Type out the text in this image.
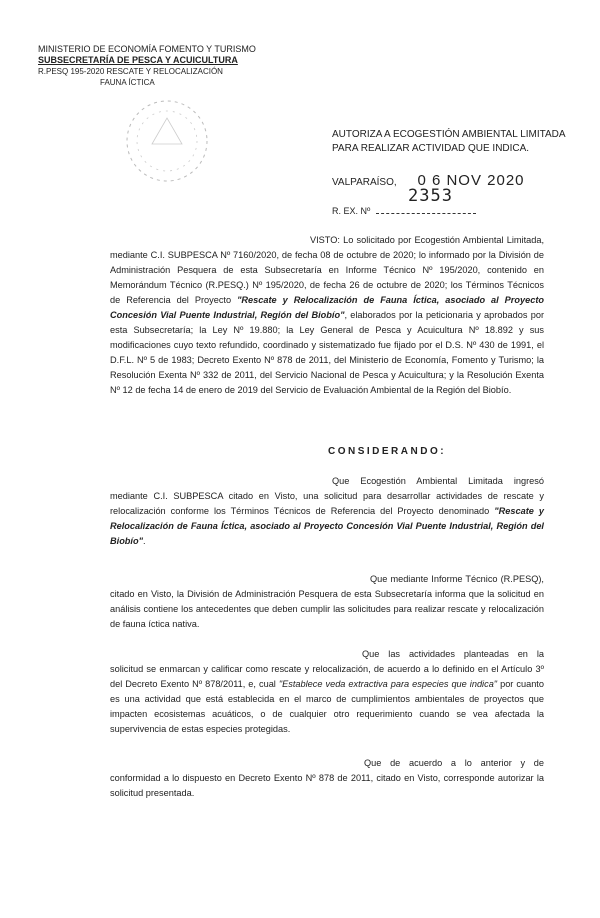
MINISTERIO DE ECONOMÍA FOMENTO Y TURISMO
SUBSECRETARÍA DE PESCA Y ACUICULTURA
R.PESQ 195-2020 RESCATE Y RELOCALIZACIÓN
FAUNA ÍCTICA
AUTORIZA A ECOGESTIÓN AMBIENTAL LIMITADA
PARA REALIZAR ACTIVIDAD QUE INDICA.
VALPARAÍSO, 0 6 NOV 2020
2353
R. EX. Nº
VISTO: Lo solicitado por Ecogestión Ambiental Limitada, mediante C.I. SUBPESCA Nº 7160/2020, de fecha 08 de octubre de 2020; lo informado por la División de Administración Pesquera de esta Subsecretaría en Informe Técnico Nº 195/2020, contenido en Memorándum Técnico (R.PESQ.) Nº 195/2020, de fecha 26 de octubre de 2020; los Términos Técnicos de Referencia del Proyecto "Rescate y Relocalización de Fauna Íctica, asociado al Proyecto Concesión Vial Puente Industrial, Región del Biobío", elaborados por la peticionaria y aprobados por esta Subsecretaría; la Ley Nº 19.880; la Ley General de Pesca y Acuicultura Nº 18.892 y sus modificaciones cuyo texto refundido, coordinado y sistematizado fue fijado por el D.S. Nº 430 de 1991, el D.F.L. Nº 5 de 1983; Decreto Exento Nº 878 de 2011, del Ministerio de Economía, Fomento y Turismo; la Resolución Exenta Nº 332 de 2011, del Servicio Nacional de Pesca y Acuicultura; y la Resolución Exenta Nº 12 de fecha 14 de enero de 2019 del Servicio de Evaluación Ambiental de la Región del Biobío.
CONSIDERANDO:
Que Ecogestión Ambiental Limitada ingresó mediante C.I. SUBPESCA citado en Visto, una solicitud para desarrollar actividades de rescate y relocalización conforme los Términos Técnicos de Referencia del Proyecto denominado "Rescate y Relocalización de Fauna Íctica, asociado al Proyecto Concesión Vial Puente Industrial, Región del Biobío".
Que mediante Informe Técnico (R.PESQ), citado en Visto, la División de Administración Pesquera de esta Subsecretaría informa que la solicitud en análisis contiene los antecedentes que deben cumplir las solicitudes para realizar rescate y relocalización de fauna íctica nativa.
Que las actividades planteadas en la solicitud se enmarcan y calificar como rescate y relocalización, de acuerdo a lo definido en el Artículo 3º del Decreto Exento Nº 878/2011, e, cual "Establece veda extractiva para especies que indica" por cuanto es una actividad que está establecida en el marco de cumplimientos ambientales de proyectos que impacten ecosistemas acuáticos, o de cualquier otro requerimiento cuando se vea afectada la supervivencia de estas especies protegidas.
Que de acuerdo a lo anterior y de conformidad a lo dispuesto en Decreto Exento Nº 878 de 2011, citado en Visto, corresponde autorizar la solicitud presentada.
